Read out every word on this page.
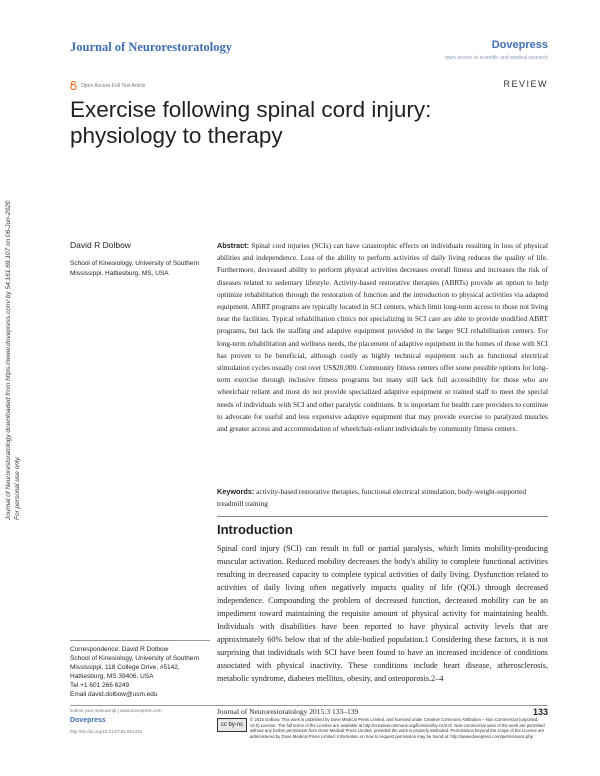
Journal of Neurorestoratology	Dovepress
open access to scientific and medical research
Open Access Full Text Article	REVIEW
Exercise following spinal cord injury: physiology to therapy
Journal of Neurorestoratology downloaded from https://www.dovepress.com/ by 54.161.69.107 on 06-Jun-2020 For personal use only.
David R Dolbow
School of Kinesiology, University of Southern Mississippi, Hattiesburg, MS, USA
Abstract: Spinal cord injuries (SCIs) can have catastrophic effects on individuals resulting in loss of physical abilities and independence. Loss of the ability to perform activities of daily living reduces the quality of life. Furthermore, decreased ability to perform physical activities decreases overall fitness and increases the risk of diseases related to sedentary lifestyle. Activity-based restorative therapies (ABRTs) provide an option to help optimize rehabilitation through the restoration of function and the introduction to physical activities via adapted equipment. ABRT programs are typically located in SCI centers, which limit long-term access to those not living near the facilities. Typical rehabilitation clinics not specializing in SCI care are able to provide modified ABRT programs, but lack the staffing and adaptive equipment provided in the larger SCI rehabilitation centers. For long-term rehabilitation and wellness needs, the placement of adaptive equipment in the homes of those with SCI has proven to be beneficial, although costly as highly technical equipment such as functional electrical stimulation cycles usually cost over US$20,000. Community fitness centers offer some possible options for long-term exercise through inclusive fitness programs but many still lack full accessibility for those who are wheelchair reliant and most do not provide specialized adaptive equipment or trained staff to meet the special needs of individuals with SCI and other paralytic conditions. It is important for health care providers to continue to advocate for useful and less expensive adaptive equipment that may provide exercise to paralyzed muscles and greater access and accommodation of wheelchair-reliant individuals by community fitness centers.
Keywords: activity-based restorative therapies, functional electrical stimulation, body-weight-supported treadmill training
Introduction
Spinal cord injury (SCI) can result in full or partial paralysis, which limits mobility-producing muscular activation. Reduced mobility decreases the body's ability to complete functional activities resulting in decreased capacity to complete typical activities of daily living. Dysfunction related to activities of daily living often negatively impacts quality of life (QOL) through decreased independence. Compounding the problem of decreased function, decreased mobility can be an impediment toward maintaining the requisite amount of physical activity for maintaining health. Individuals with disabilities have been reported to have physical activity levels that are approximately 60% below that of the able-bodied population.1 Considering these factors, it is not surprising that individuals with SCI have been found to have an increased incidence of conditions associated with physical inactivity. These conditions include heart disease, atherosclerosis, metabolic syndrome, diabetes mellitus, obesity, and osteoporosis.2–4
Correspondence: David R Dolbow
School of Kinesiology, University of Southern Mississippi, 118 College Drive, #5142, Hattiesburg, MS 39406, USA
Tel +1 601 266 6249
Email david.dolbow@usm.edu
submit your manuscript | www.dovepress.com
Dovepress
http://dx.doi.org/10.2147/JN.S61316
Journal of Neurorestoratology 2015:3 133–139	133
cc by-nc
© 2015 Dolbow. This work is published by Dove Medical Press Limited, and licensed under Creative Commons Attribution – Non Commercial (unported, v3.0) License. The full terms of the License are available at http://creativecommons.org/licenses/by-nc/3.0/. Non-commercial uses of the work are permitted without any further permission from Dove Medical Press Limited, provided the work is properly attributed. Permissions beyond the scope of the License are administered by Dove Medical Press Limited. Information on how to request permission may be found at: http://www.dovepress.com/permissions.php
